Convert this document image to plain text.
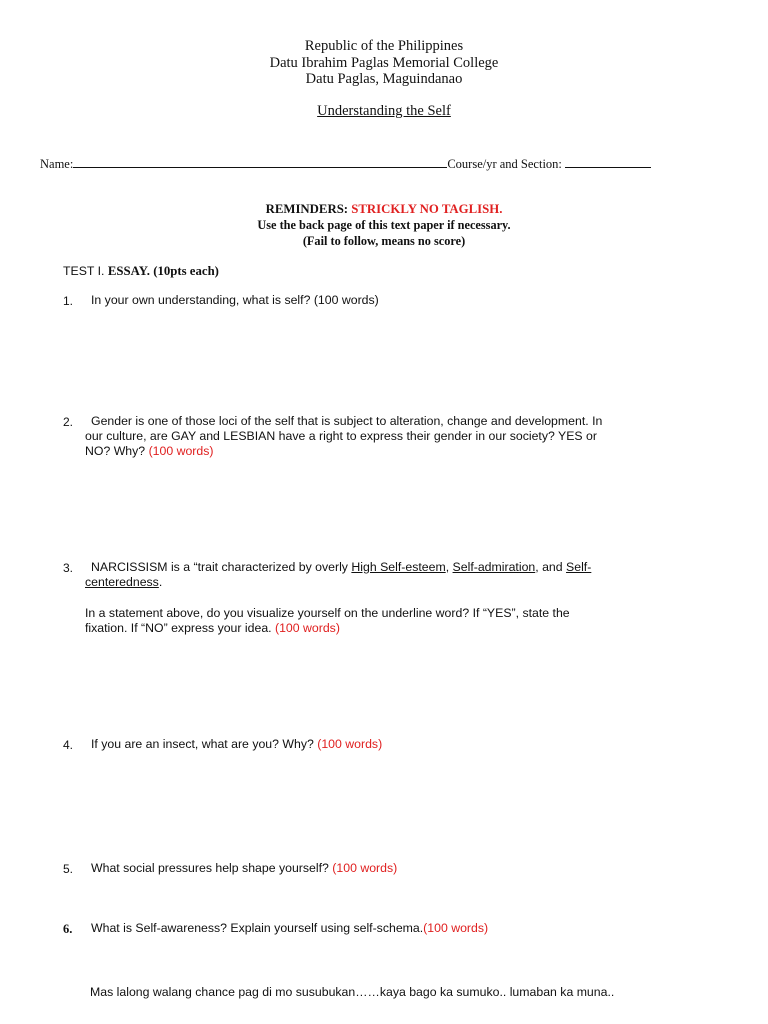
Republic of the Philippines
Datu Ibrahim Paglas Memorial College
Datu Paglas, Maguindanao
Understanding the Self
Name:	Course/yr and Section:
REMINDERS: STRICKLY NO TAGLISH.
Use the back page of this text paper if necessary.
(Fail to follow, means no score)
TEST I. ESSAY. (10pts each)
1. In your own understanding, what is self? (100 words)
2. Gender is one of those loci of the self that is subject to alteration, change and development. In
our culture, are GAY and LESBIAN have a right to express their gender in our society? YES or
NO? Why? (100 words)
3. NARCISSISM is a “trait characterized by overly High Self-esteem, Self-admiration, and Self-
centeredness.
In a statement above, do you visualize yourself on the underline word? If “YES”, state the
fixation. If “NO” express your idea. (100 words)
4. If you are an insect, what are you? Why? (100 words)
5. What social pressures help shape yourself? (100 words)
6. What is Self-awareness? Explain yourself using self-schema.(100 words)
Mas lalong walang chance pag di mo susubukan……kaya bago ka sumuko.. lumaban ka muna..
